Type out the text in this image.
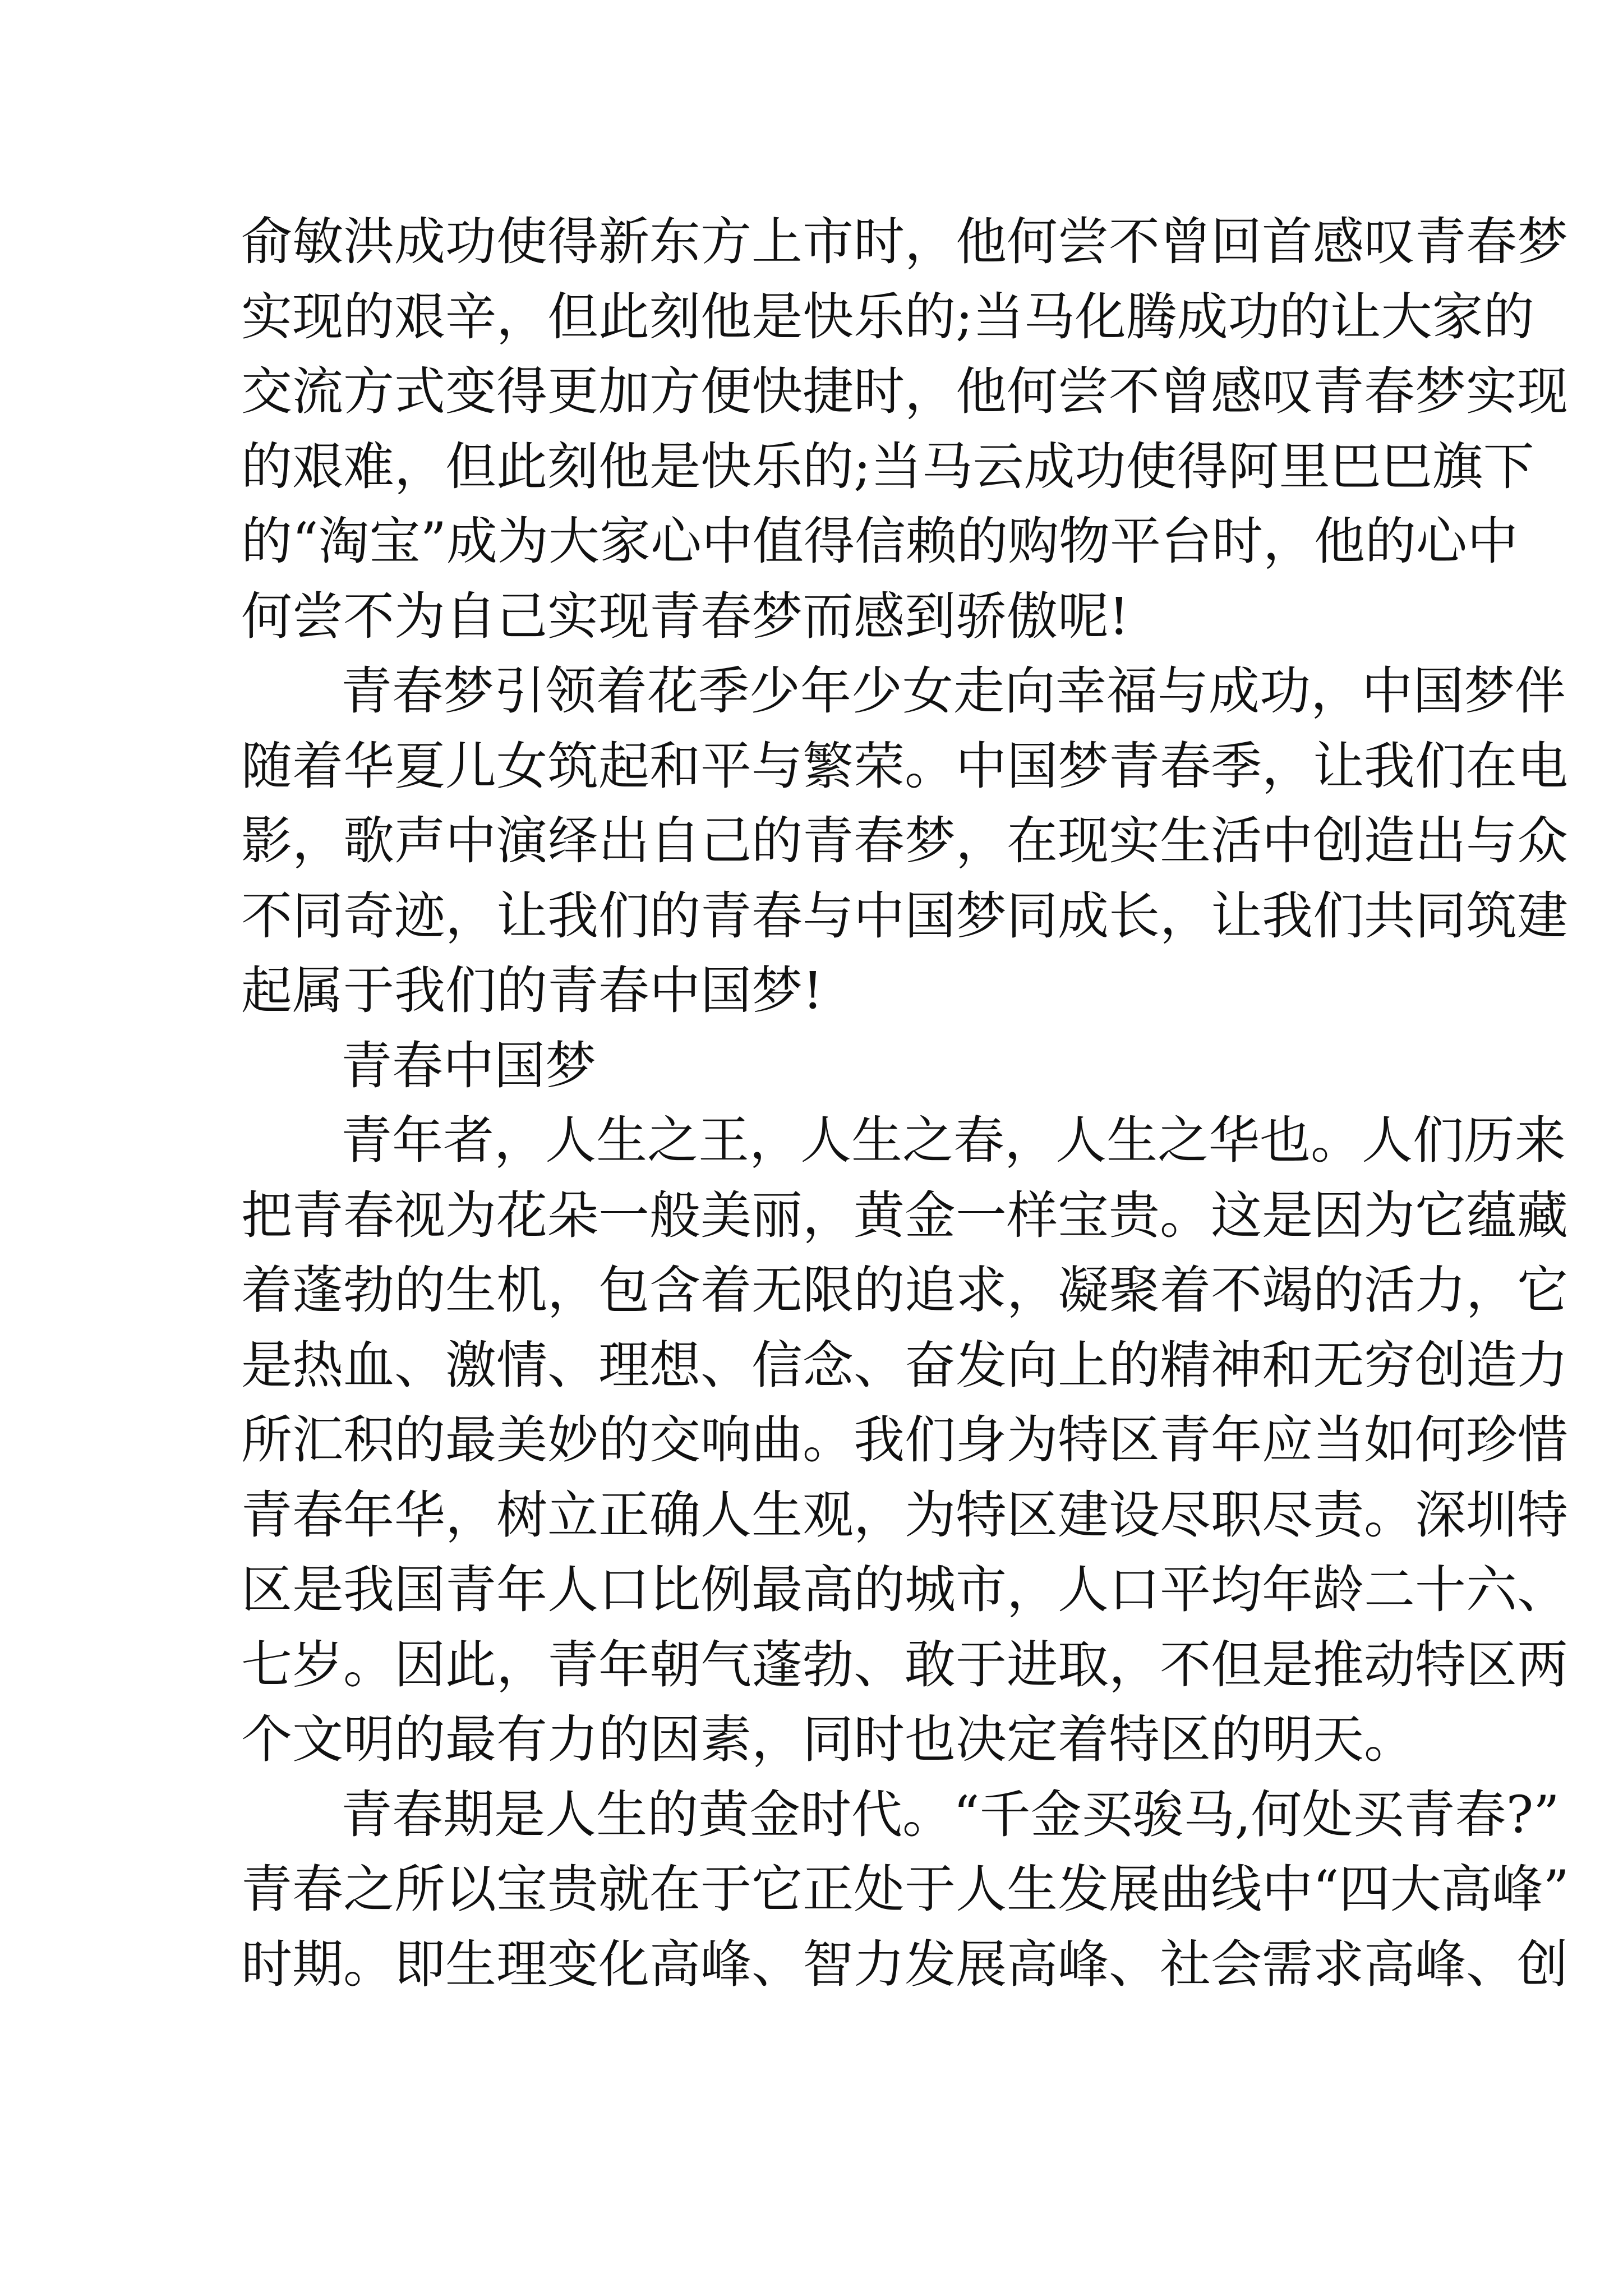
俞敏洪成功使得新东方上市时，他何尝不曾回首感叹青春梦
实现的艰辛，但此刻他是快乐的;当马化腾成功的让大家的
交流方式变得更加方便快捷时，他何尝不曾感叹青春梦实现
的艰难，但此刻他是快乐的;当马云成功使得阿里巴巴旗下
的“淘宝”成为大家心中值得信赖的购物平台时，他的心中
何尝不为自己实现青春梦而感到骄傲呢!
青春梦引领着花季少年少女走向幸福与成功，中国梦伴
随着华夏儿女筑起和平与繁荣。中国梦青春季，让我们在电
影，歌声中演绎出自己的青春梦，在现实生活中创造出与众
不同奇迹，让我们的青春与中国梦同成长，让我们共同筑建
起属于我们的青春中国梦!
青春中国梦
青年者，人生之王，人生之春，人生之华也。人们历来
把青春视为花朵一般美丽，黄金一样宝贵。这是因为它蕴藏
着蓬勃的生机，包含着无限的追求，凝聚着不竭的活力，它
是热血、激情、理想、信念、奋发向上的精神和无穷创造力
所汇积的最美妙的交响曲。我们身为特区青年应当如何珍惜
青春年华，树立正确人生观，为特区建设尽职尽责。深圳特
区是我国青年人口比例最高的城市，人口平均年龄二十六、
七岁。因此，青年朝气蓬勃、敢于进取，不但是推动特区两
个文明的最有力的因素，同时也决定着特区的明天。
青春期是人生的黄金时代。“千金买骏马,何处买青春?”
青春之所以宝贵就在于它正处于人生发展曲线中“四大高峰”
时期。即生理变化高峰、智力发展高峰、社会需求高峰、创
